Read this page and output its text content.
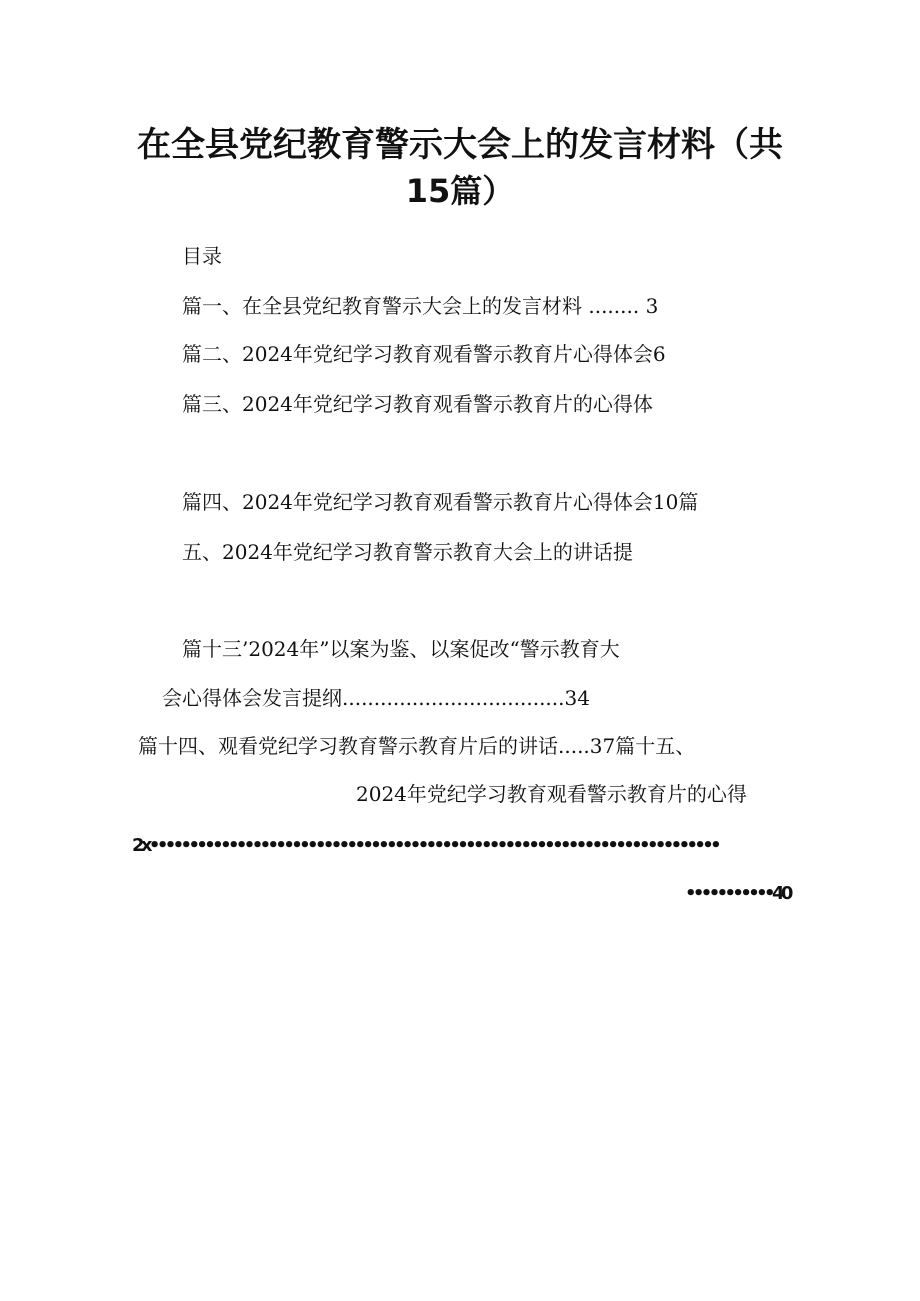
在全县党纪教育警示大会上的发言材料（共
15篇）
目录
篇一、在全县党纪教育警示大会上的发言材料 ........ 3
篇二、2024年党纪学习教育观看警示教育片心得体会6
篇三、2024年党纪学习教育观看警示教育片的心得体
篇四、2024年党纪学习教育观看警示教育片心得体会10篇
五、2024年党纪学习教育警示教育大会上的讲话提
篇十三’2024年”以案为鉴、以案促改“警示教育大
会心得体会发言提纲...................................34
篇十四、观看党纪学习教育警示教育片后的讲话.....37篇十五、
2024年党纪学习教育观看警示教育片的心得
2x••••••••••••••••••••••••••••••••••••••••••••••••••••••••••••••••••••••••
•••••••••••40
